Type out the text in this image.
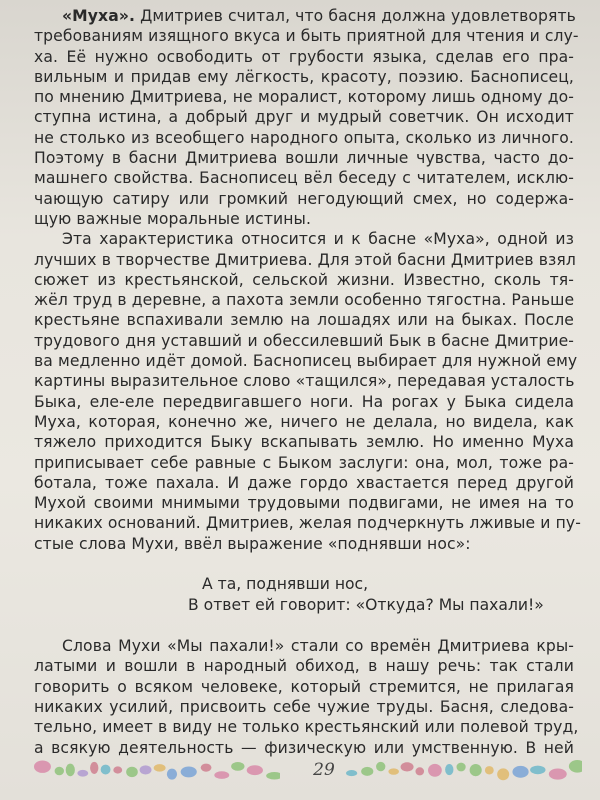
«Муха». Дмитриев считал, что басня должна удовлетворять
требованиям изящного вкуса и быть приятной для чтения и слу-
ха. Её нужно освободить от грубости языка, сделав его пра-
вильным и придав ему лёгкость, красоту, поэзию. Баснописец,
по мнению Дмитриева, не моралист, которому лишь одному до-
ступна истина, а добрый друг и мудрый советчик. Он исходит
не столько из всеобщего народного опыта, сколько из личного.
Поэтому в басни Дмитриева вошли личные чувства, часто до-
машнего свойства. Баснописец вёл беседу с читателем, исклю-
чающую сатиру или громкий негодующий смех, но содержа-
щую важные моральные истины.
Эта характеристика относится и к басне «Муха», одной из
лучших в творчестве Дмитриева. Для этой басни Дмитриев взял
сюжет из крестьянской, сельской жизни. Известно, сколь тя-
жёл труд в деревне, а пахота земли особенно тягостна. Раньше
крестьяне вспахивали землю на лошадях или на быках. После
трудового дня уставший и обессилевший Бык в басне Дмитрие-
ва медленно идёт домой. Баснописец выбирает для нужной ему
картины выразительное слово «тащился», передавая усталость
Быка, еле-еле передвигавшего ноги. На рогах у Быка сидела
Муха, которая, конечно же, ничего не делала, но видела, как
тяжело приходится Быку вскапывать землю. Но именно Муха
приписывает себе равные с Быком заслуги: она, мол, тоже ра-
ботала, тоже пахала. И даже гордо хвастается перед другой
Мухой своими мнимыми трудовыми подвигами, не имея на то
никаких оснований. Дмитриев, желая подчеркнуть лживые и пу-
стые слова Мухи, ввёл выражение «поднявши нос»:
А та, поднявши нос,
В ответ ей говорит: «Откуда? Мы пахали!»
Слова Мухи «Мы пахали!» стали со времён Дмитриева кры-
латыми и вошли в народный обиход, в нашу речь: так стали
говорить о всяком человеке, который стремится, не прилагая
никаких усилий, присвоить себе чужие труды. Басня, следова-
тельно, имеет в виду не только крестьянский или полевой труд,
а всякую деятельность — физическую или умственную. В ней
29
